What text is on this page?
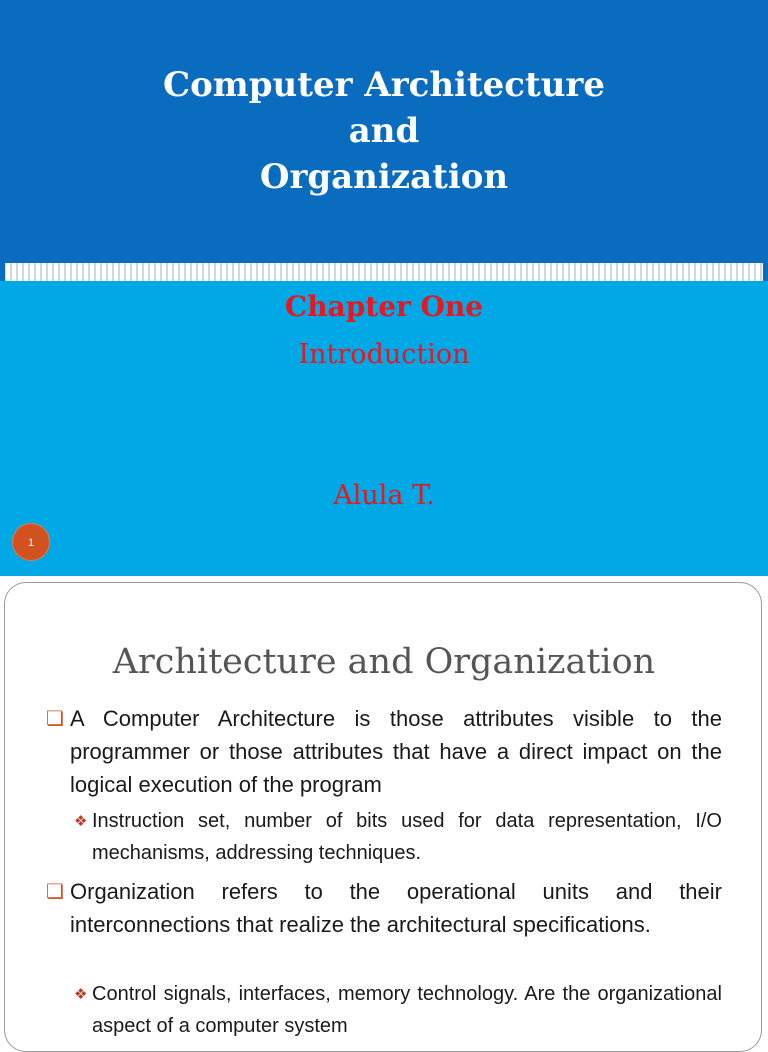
Computer Architecture
and
Organization
Chapter One
Introduction
Alula T.
1
Architecture and Organization
❏ A Computer Architecture is those attributes visible to the programmer or those attributes that have a direct impact on the logical execution of the program
❖ Instruction set, number of bits used for data representation, I/O mechanisms, addressing techniques.
❏ Organization refers to the operational units and their interconnections that realize the architectural specifications.
❖ Control signals, interfaces, memory technology. Are the organizational aspect of a computer system
